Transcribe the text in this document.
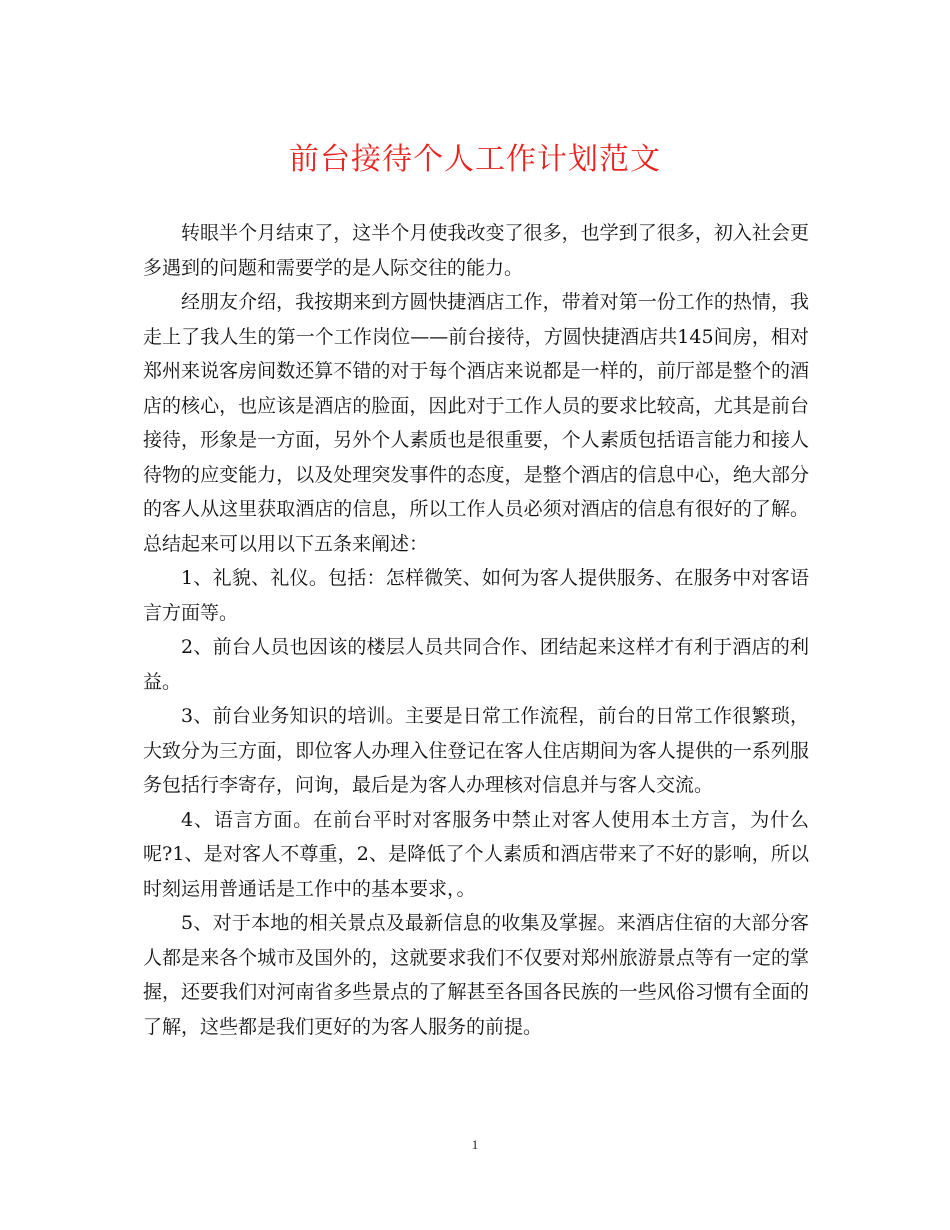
前台接待个人工作计划范文

转眼半个月结束了，这半个月使我改变了很多，也学到了很多，初入社会更多遇到的问题和需要学的是人际交往的能力。

经朋友介绍，我按期来到方圆快捷酒店工作，带着对第一份工作的热情，我走上了我人生的第一个工作岗位——前台接待，方圆快捷酒店共145间房，相对郑州来说客房间数还算不错的对于每个酒店来说都是一样的，前厅部是整个的酒店的核心，也应该是酒店的脸面，因此对于工作人员的要求比较高，尤其是前台接待，形象是一方面，另外个人素质也是很重要，个人素质包括语言能力和接人待物的应变能力，以及处理突发事件的态度，是整个酒店的信息中心，绝大部分的客人从这里获取酒店的信息，所以工作人员必须对酒店的信息有很好的了解。总结起来可以用以下五条来阐述：

1、礼貌、礼仪。包括：怎样微笑、如何为客人提供服务、在服务中对客语言方面等。

2、前台人员也因该的楼层人员共同合作、团结起来这样才有利于酒店的利益。

3、前台业务知识的培训。主要是日常工作流程，前台的日常工作很繁琐，大致分为三方面，即位客人办理入住登记在客人住店期间为客人提供的一系列服务包括行李寄存，问询，最后是为客人办理核对信息并与客人交流。

4、语言方面。在前台平时对客服务中禁止对客人使用本土方言，为什么呢?1、是对客人不尊重，2、是降低了个人素质和酒店带来了不好的影响，所以时刻运用普通话是工作中的基本要求，。

5、对于本地的相关景点及最新信息的收集及掌握。来酒店住宿的大部分客人都是来各个城市及国外的，这就要求我们不仅要对郑州旅游景点等有一定的掌握，还要我们对河南省多些景点的了解甚至各国各民族的一些风俗习惯有全面的了解，这些都是我们更好的为客人服务的前提。

1
